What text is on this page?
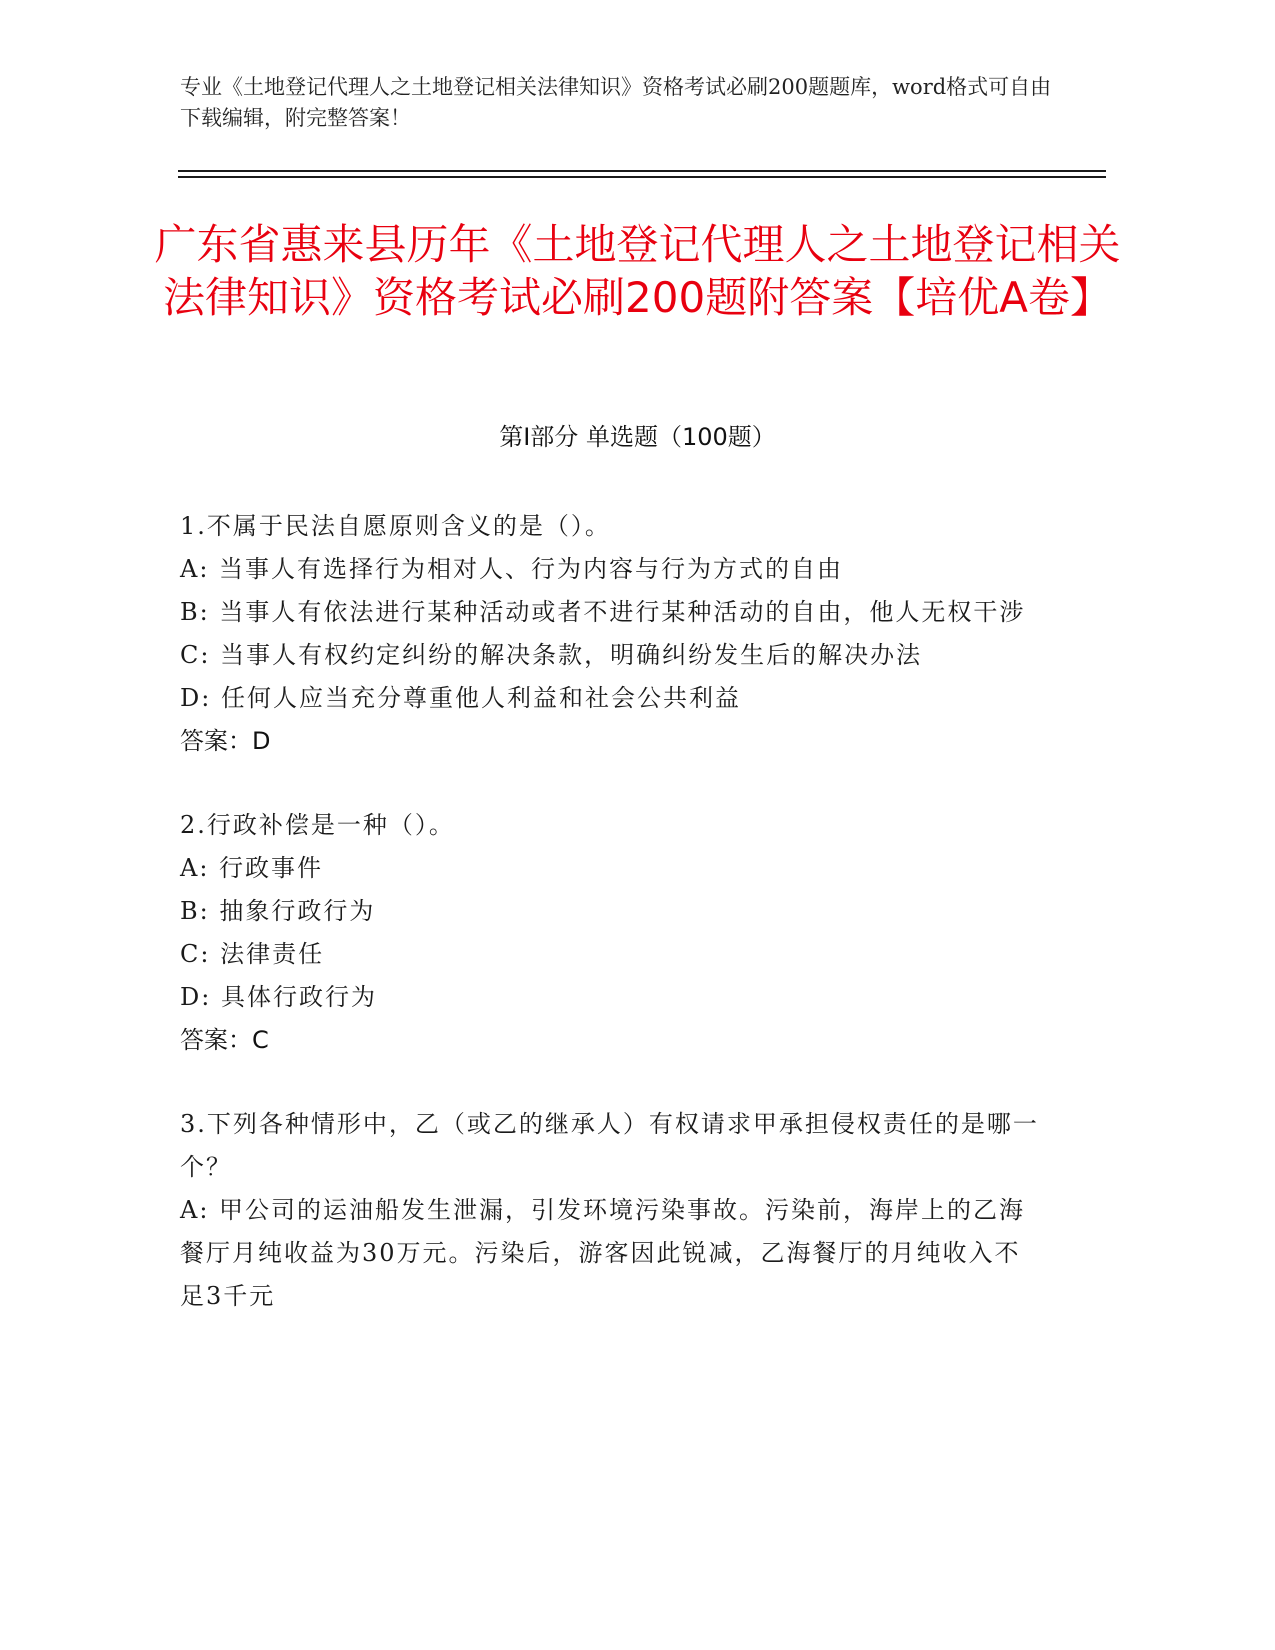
专业《土地登记代理人之土地登记相关法律知识》资格考试必刷200题题库，word格式可自由下载编辑，附完整答案！
广东省惠来县历年《土地登记代理人之土地登记相关法律知识》资格考试必刷200题附答案【培优A卷】
第I部分 单选题（100题）
1.不属于民法自愿原则含义的是（）。
A: 当事人有选择行为相对人、行为内容与行为方式的自由
B: 当事人有依法进行某种活动或者不进行某种活动的自由，他人无权干涉
C: 当事人有权约定纠纷的解决条款，明确纠纷发生后的解决办法
D: 任何人应当充分尊重他人利益和社会公共利益
答案：D
2.行政补偿是一种（）。
A: 行政事件
B: 抽象行政行为
C: 法律责任
D: 具体行政行为
答案：C
3.下列各种情形中，乙（或乙的继承人）有权请求甲承担侵权责任的是哪一个？
A: 甲公司的运油船发生泄漏，引发环境污染事故。污染前，海岸上的乙海餐厅月纯收益为30万元。污染后，游客因此锐减，乙海餐厅的月纯收入不足3千元
